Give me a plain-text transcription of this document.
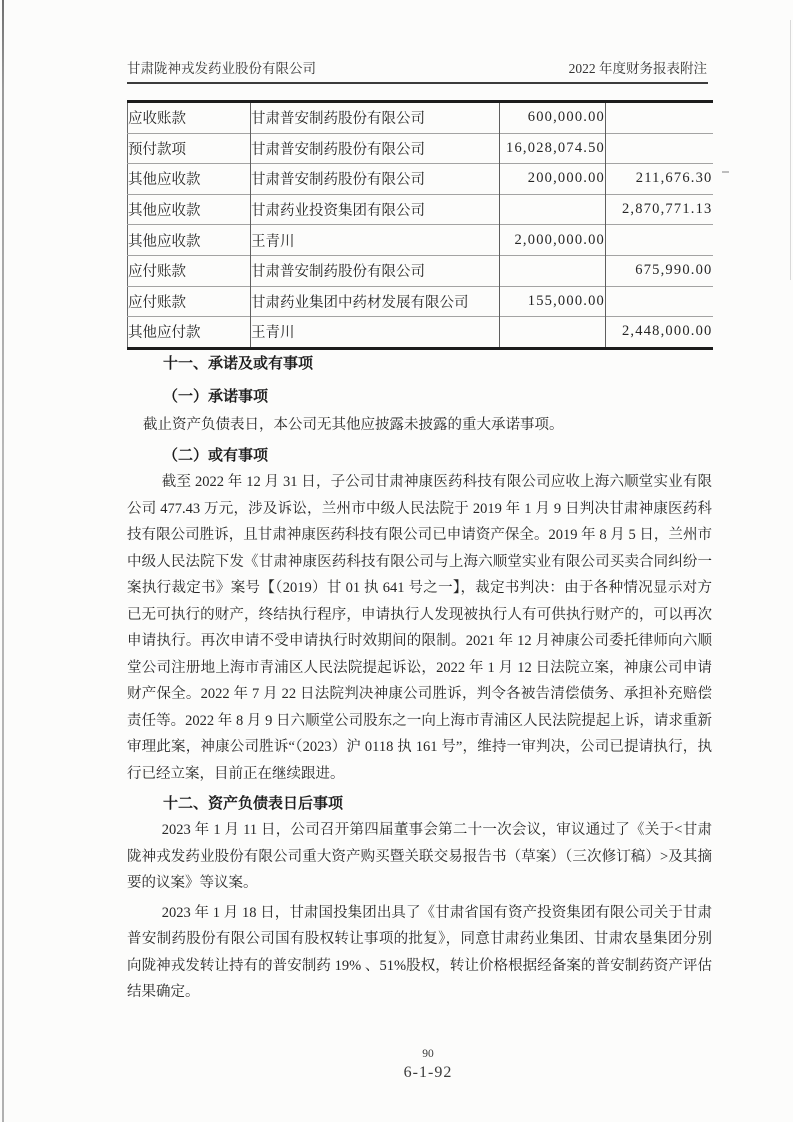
甘肃陇神戎发药业股份有限公司	2022 年度财务报表附注
应收账款	甘肃普安制药股份有限公司	600,000.00	
预付款项	甘肃普安制药股份有限公司	16,028,074.50	
其他应收款	甘肃普安制药股份有限公司	200,000.00	211,676.30
其他应收款	甘肃药业投资集团有限公司		2,870,771.13
其他应收款	王青川	2,000,000.00	
应付账款	甘肃普安制药股份有限公司		675,990.00
应付账款	甘肃药业集团中药材发展有限公司	155,000.00	
其他应付款	王青川		2,448,000.00
十一、承诺及或有事项
（一）承诺事项

截止资产负债表日，本公司无其他应披露未披露的重大承诺事项。

（二）或有事项

截至 2022 年 12 月 31 日，子公司甘肃神康医药科技有限公司应收上海六顺堂实业有限公司 477.43 万元，涉及诉讼，兰州市中级人民法院于 2019 年 1 月 9 日判决甘肃神康医药科技有限公司胜诉，且甘肃神康医药科技有限公司已申请资产保全。2019 年 8 月 5 日，兰州市中级人民法院下发《甘肃神康医药科技有限公司与上海六顺堂实业有限公司买卖合同纠纷一案执行裁定书》案号【（2019）甘 01 执 641 号之一】，裁定书判决：由于各种情况显示对方已无可执行的财产，终结执行程序，申请执行人发现被执行人有可供执行财产的，可以再次申请执行。再次申请不受申请执行时效期间的限制。2021 年 12 月神康公司委托律师向六顺堂公司注册地上海市青浦区人民法院提起诉讼，2022 年 1 月 12 日法院立案，神康公司申请财产保全。2022 年 7 月 22 日法院判决神康公司胜诉，判令各被告清偿债务、承担补充赔偿责任等。2022 年 8 月 9 日六顺堂公司股东之一向上海市青浦区人民法院提起上诉，请求重新审理此案，神康公司胜诉“（2023）沪 0118 执 161 号”，维持一审判决，公司已提请执行，执行已经立案，目前正在继续跟进。

十二、资产负债表日后事项

2023 年 1 月 11 日，公司召开第四届董事会第二十一次会议，审议通过了《关于<甘肃陇神戎发药业股份有限公司重大资产购买暨关联交易报告书（草案）（三次修订稿）>及其摘要的议案》等议案。

2023 年 1 月 18 日，甘肃国投集团出具了《甘肃省国有资产投资集团有限公司关于甘肃普安制药股份有限公司国有股权转让事项的批复》，同意甘肃药业集团、甘肃农垦集团分别向陇神戎发转让持有的普安制药 19% 、51%股权，转让价格根据经备案的普安制药资产评估结果确定。

90
6-1-92
